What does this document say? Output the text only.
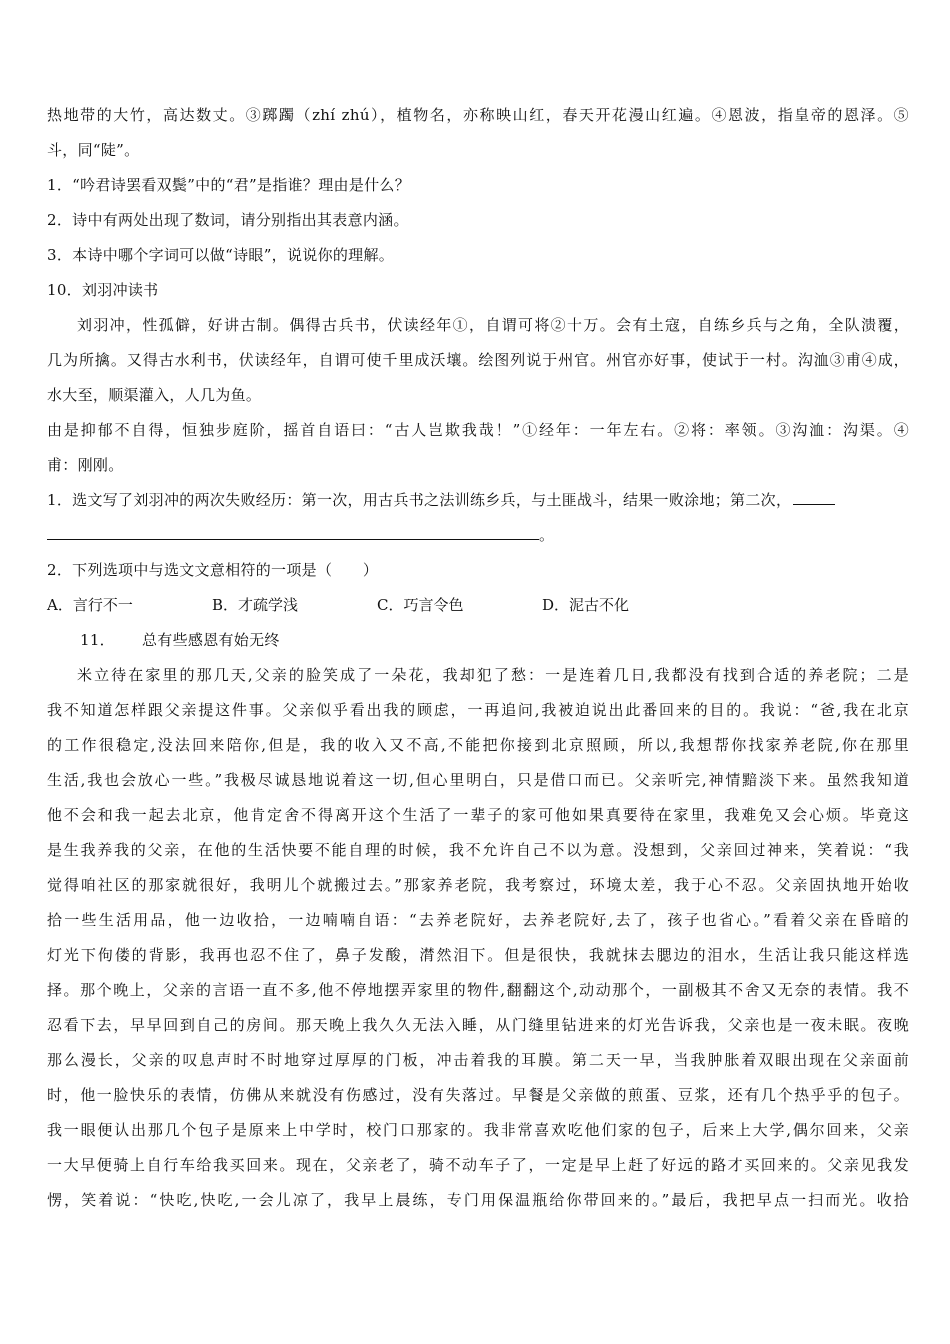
热地带的大竹，高达数丈。③踯躅（zhí zhú），植物名，亦称映山红，春天开花漫山红遍。④恩波，指皇帝的恩泽。⑤
斗，同“陡”。
1．“吟君诗罢看双鬓”中的“君”是指谁？理由是什么？
2．诗中有两处出现了数词，请分别指出其表意内涵。
3．本诗中哪个字词可以做“诗眼”，说说你的理解。
10．刘羽冲读书
刘羽冲，性孤僻，好讲古制。偶得古兵书，伏读经年①，自谓可将②十万。会有土寇，自练乡兵与之角，全队溃覆，
几为所擒。又得古水利书，伏读经年，自谓可使千里成沃壤。绘图列说于州官。州官亦好事，使试于一村。沟洫③甫④成，
水大至，顺渠灌入，人几为鱼。
由是抑郁不自得，恒独步庭阶，摇首自语曰：“古人岂欺我哉！”①经年：一年左右。②将：率领。③沟洫：沟渠。④
甫：刚刚。
1．选文写了刘羽冲的两次失败经历：第一次，用古兵书之法训练乡兵，与土匪战斗，结果一败涂地；第二次，
。
2．下列选项中与选文文意相符的一项是（　　）
A．言行不一	B．才疏学浅	C．巧言令色	D．泥古不化
11． 总有些感恩有始无终
米立待在家里的那几天,父亲的脸笑成了一朵花，我却犯了愁：一是连着几日,我都没有找到合适的养老院；二是
我不知道怎样跟父亲提这件事。父亲似乎看出我的顾虑，一再追问,我被迫说出此番回来的目的。我说：“爸,我在北京
的工作很稳定,没法回来陪你,但是，我的收入又不高,不能把你接到北京照顾，所以,我想帮你找家养老院,你在那里
生活,我也会放心一些。”我极尽诚恳地说着这一切,但心里明白，只是借口而已。父亲听完,神情黯淡下来。虽然我知道
他不会和我一起去北京，他肯定舍不得离开这个生活了一辈子的家可他如果真要待在家里，我难免又会心烦。毕竟这
是生我养我的父亲，在他的生活快要不能自理的时候，我不允许自己不以为意。没想到，父亲回过神来，笑着说：“我
觉得咱社区的那家就很好，我明儿个就搬过去。”那家养老院，我考察过，环境太差，我于心不忍。父亲固执地开始收
拾一些生活用品，他一边收拾，一边喃喃自语：“去养老院好，去养老院好,去了，孩子也省心。”看着父亲在昏暗的
灯光下佝偻的背影，我再也忍不住了，鼻子发酸，潸然泪下。但是很快，我就抹去腮边的泪水，生活让我只能这样选
择。那个晚上，父亲的言语一直不多,他不停地摆弄家里的物件,翻翻这个,动动那个，一副极其不舍又无奈的表情。我不
忍看下去，早早回到自己的房间。那天晚上我久久无法入睡，从门缝里钻进来的灯光告诉我，父亲也是一夜未眠。夜晚
那么漫长，父亲的叹息声时不时地穿过厚厚的门板，冲击着我的耳膜。第二天一早，当我肿胀着双眼出现在父亲面前
时，他一脸快乐的表情，仿佛从来就没有伤感过，没有失落过。早餐是父亲做的煎蛋、豆浆，还有几个热乎乎的包子。
我一眼便认出那几个包子是原来上中学时，校门口那家的。我非常喜欢吃他们家的包子，后来上大学,偶尔回来，父亲
一大早便骑上自行车给我买回来。现在，父亲老了，骑不动车子了，一定是早上赶了好远的路才买回来的。父亲见我发
愣，笑着说：“快吃,快吃,一会儿凉了，我早上晨练，专门用保温瓶给你带回来的。”最后，我把早点一扫而光。收拾
